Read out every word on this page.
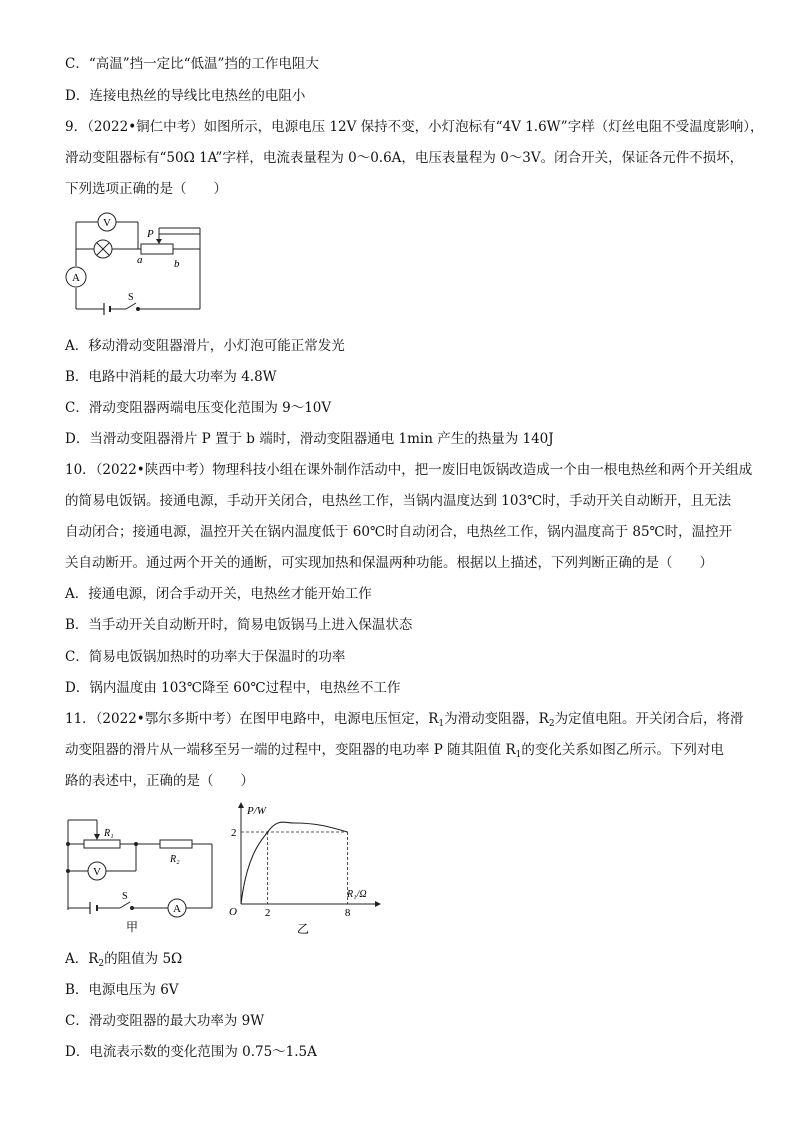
C．“高温”挡一定比“低温”挡的工作电阻大
D．连接电热丝的导线比电热丝的电阻小
9．（2022•铜仁中考）如图所示，电源电压 12V 保持不变，小灯泡标有“4V 1.6W”字样（灯丝电阻不受温度影响），
滑动变阻器标有“50Ω 1A”字样，电流表量程为 0～0.6A，电压表量程为 0～3V。闭合开关，保证各元件不损坏，
下列选项正确的是（　　）
V
A
P
a	b
S
A．移动滑动变阻器滑片，小灯泡可能正常发光
B．电路中消耗的最大功率为 4.8W
C．滑动变阻器两端电压变化范围为 9～10V
D．当滑动变阻器滑片 P 置于 b 端时，滑动变阻器通电 1min 产生的热量为 140J
10．（2022•陕西中考）物理科技小组在课外制作活动中，把一废旧电饭锅改造成一个由一根电热丝和两个开关组成
的简易电饭锅。接通电源，手动开关闭合，电热丝工作，当锅内温度达到 103℃时，手动开关自动断开，且无法
自动闭合；接通电源，温控开关在锅内温度低于 60℃时自动闭合，电热丝工作，锅内温度高于 85℃时，温控开
关自动断开。通过两个开关的通断，可实现加热和保温两种功能。根据以上描述，下列判断正确的是（　　）
A．接通电源，闭合手动开关，电热丝才能开始工作
B．当手动开关自动断开时，简易电饭锅马上进入保温状态
C．简易电饭锅加热时的功率大于保温时的功率
D．锅内温度由 103℃降至 60℃过程中，电热丝不工作
11．（2022•鄂尔多斯中考）在图甲电路中，电源电压恒定，$R_1$为滑动变阻器，$R_2$为定值电阻。开关闭合后，将滑
动变阻器的滑片从一端移至另一端的过程中，变阻器的电功率 P 随其阻值 $R_1$的变化关系如图乙所示。下列对电
路的表述中，正确的是（　　）
R₁
R₂
V
A
S
甲
P/W
R₁/Ω
O
2
2	8
乙
A．$R_2$的阻值为 5Ω
B．电源电压为 6V
C．滑动变阻器的最大功率为 9W
D．电流表示数的变化范围为 0.75～1.5A
